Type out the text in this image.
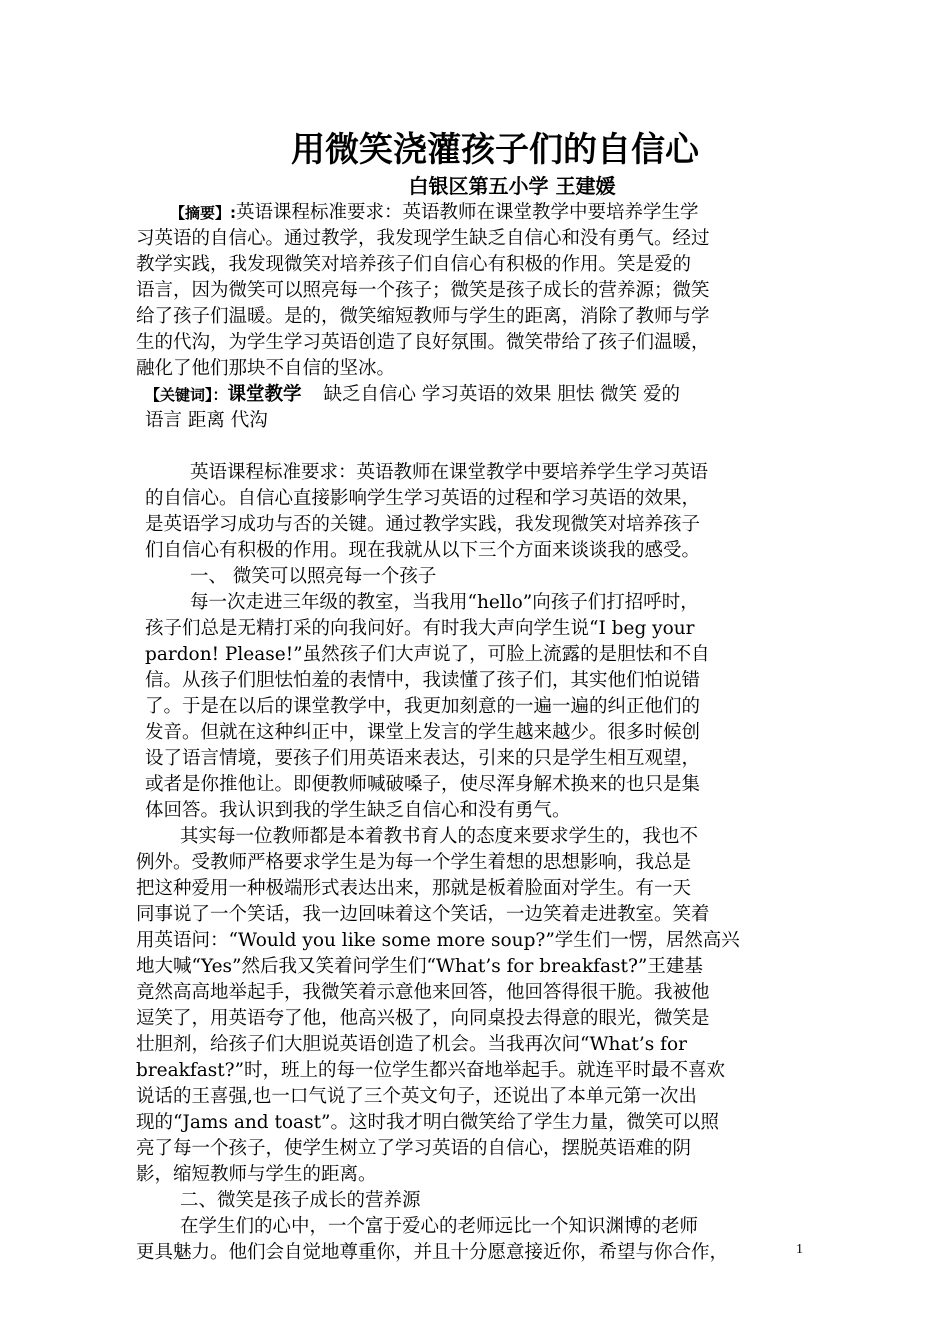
用微笑浇灌孩子们的自信心
白银区第五小学 王建媛
【摘要】:英语课程标准要求：英语教师在课堂教学中要培养学生学
习英语的自信心。通过教学，我发现学生缺乏自信心和没有勇气。经过
教学实践，我发现微笑对培养孩子们自信心有积极的作用。笑是爱的
语言，因为微笑可以照亮每一个孩子；微笑是孩子成长的营养源；微笑
给了孩子们温暖。是的，微笑缩短教师与学生的距离，消除了教师与学
生的代沟，为学生学习英语创造了良好氛围。微笑带给了孩子们温暖，
融化了他们那块不自信的坚冰。
【关键词】：课堂教学 缺乏自信心 学习英语的效果 胆怯 微笑 爱的
语言 距离 代沟
英语课程标准要求：英语教师在课堂教学中要培养学生学习英语
的自信心。自信心直接影响学生学习英语的过程和学习英语的效果，
是英语学习成功与否的关键。通过教学实践，我发现微笑对培养孩子
们自信心有积极的作用。现在我就从以下三个方面来谈谈我的感受。
一、 微笑可以照亮每一个孩子
每一次走进三年级的教室，当我用“hello”向孩子们打招呼时，
孩子们总是无精打采的向我问好。有时我大声向学生说“I beg your
pardon! Please!”虽然孩子们大声说了，可脸上流露的是胆怯和不自
信。从孩子们胆怯怕羞的表情中，我读懂了孩子们，其实他们怕说错
了。于是在以后的课堂教学中，我更加刻意的一遍一遍的纠正他们的
发音。但就在这种纠正中，课堂上发言的学生越来越少。很多时候创
设了语言情境，要孩子们用英语来表达，引来的只是学生相互观望，
或者是你推他让。即便教师喊破嗓子，使尽浑身解术换来的也只是集
体回答。我认识到我的学生缺乏自信心和没有勇气。
其实每一位教师都是本着教书育人的态度来要求学生的，我也不
例外。受教师严格要求学生是为每一个学生着想的思想影响，我总是
把这种爱用一种极端形式表达出来，那就是板着脸面对学生。有一天
同事说了一个笑话，我一边回味着这个笑话，一边笑着走进教室。笑着
用英语问：“Would you like some more soup?”学生们一愣，居然高兴
地大喊“Yes”然后我又笑着问学生们“What’s for breakfast?”王建基
竟然高高地举起手，我微笑着示意他来回答，他回答得很干脆。我被他
逗笑了，用英语夸了他，他高兴极了，向同桌投去得意的眼光，微笑是
壮胆剂，给孩子们大胆说英语创造了机会。当我再次问“What’s for
breakfast?”时，班上的每一位学生都兴奋地举起手。就连平时最不喜欢
说话的王喜强,也一口气说了三个英文句子，还说出了本单元第一次出
现的“Jams and toast”。这时我才明白微笑给了学生力量，微笑可以照
亮了每一个孩子，使学生树立了学习英语的自信心，摆脱英语难的阴
影，缩短教师与学生的距离。
二、微笑是孩子成长的营养源
在学生们的心中，一个富于爱心的老师远比一个知识渊博的老师
更具魅力。他们会自觉地尊重你，并且十分愿意接近你，希望与你合作，	1
